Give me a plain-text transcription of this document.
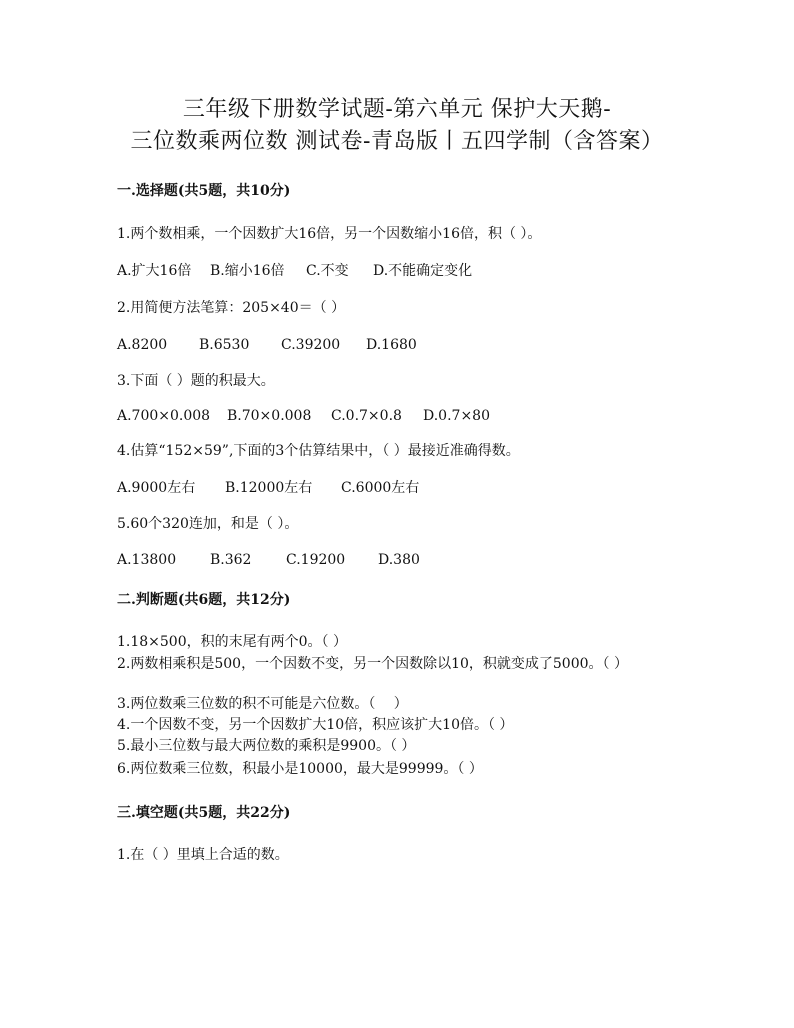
三年级下册数学试题-第六单元 保护大天鹅-
三位数乘两位数 测试卷-青岛版丨五四学制（含答案）
一.选择题(共5题，共10分)
1.两个数相乘，一个因数扩大16倍，另一个因数缩小16倍，积（ ）。
A.扩大16倍 B.缩小16倍 C.不变 D.不能确定变化
2.用简便方法笔算：205×40＝（ ）
A.8200 B.6530 C.39200 D.1680
3.下面（ ）题的积最大。
A.700×0.008 B.70×0.008 C.0.7×0.8 D.0.7×80
4.估算“152×59”,下面的3个估算结果中，（ ）最接近准确得数。
A.9000左右 B.12000左右 C.6000左右
5.60个320连加，和是（ ）。
A.13800 B.362 C.19200 D.380
二.判断题(共6题，共12分)
1.18×500，积的末尾有两个0。（ ）
2.两数相乘积是500，一个因数不变，另一个因数除以10，积就变成了5000。（ ）
3.两位数乘三位数的积不可能是六位数。（　 ）
4.一个因数不变，另一个因数扩大10倍，积应该扩大10倍。（ ）
5.最小三位数与最大两位数的乘积是9900。（ ）
6.两位数乘三位数，积最小是10000，最大是99999。（ ）
三.填空题(共5题，共22分)
1.在（ ）里填上合适的数。
